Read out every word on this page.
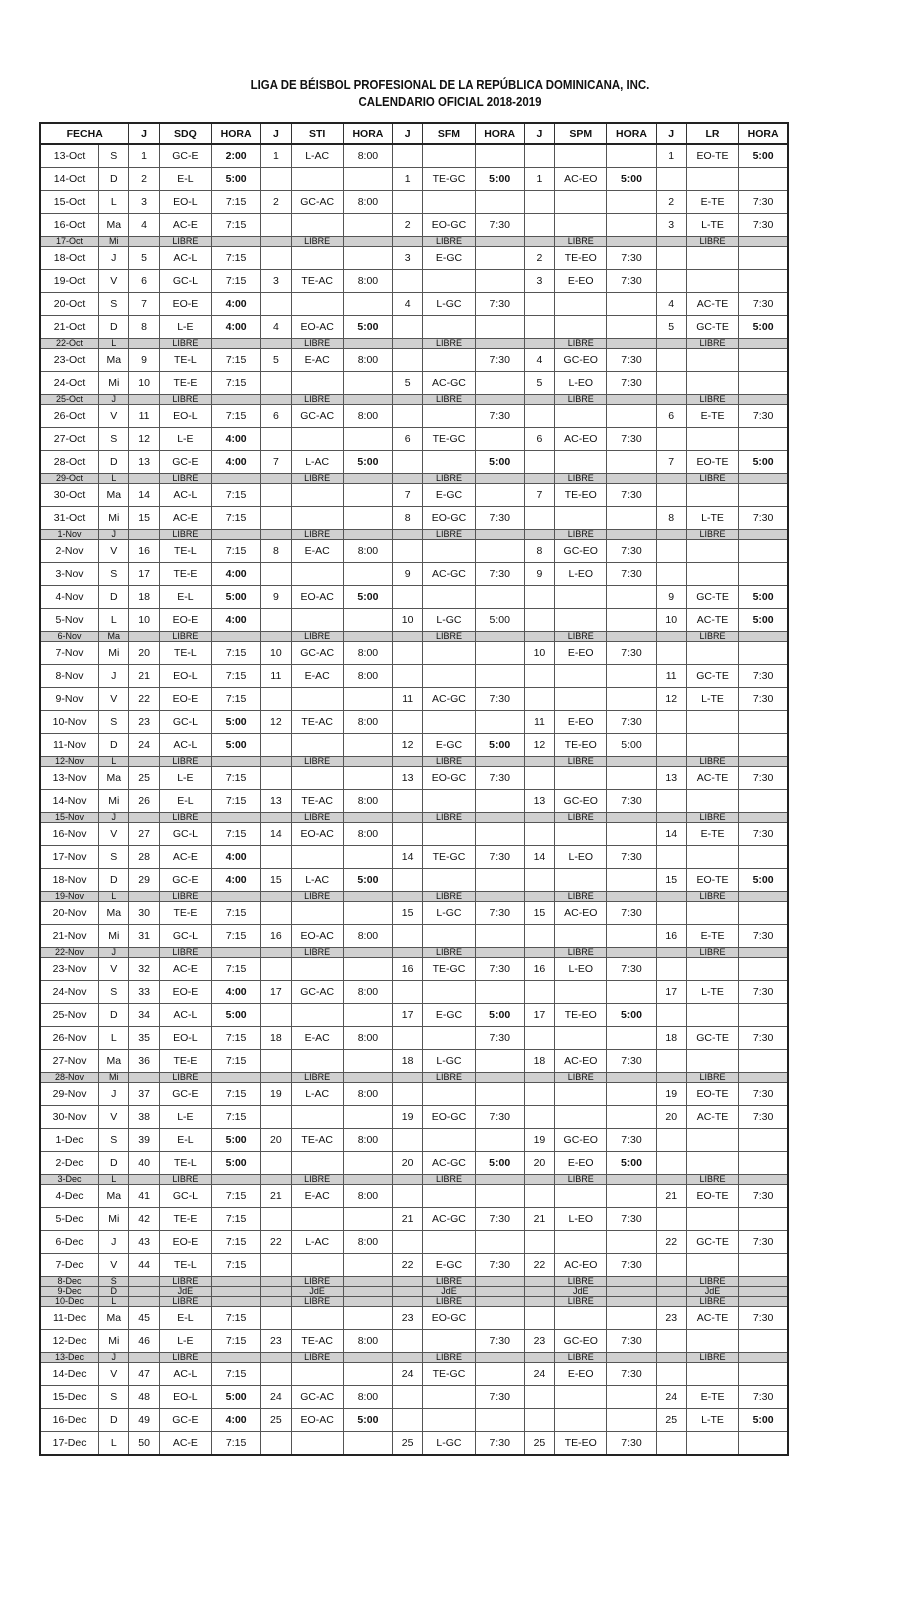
LIGA DE BÉISBOL PROFESIONAL DE LA REPÚBLICA DOMINICANA, INC.
CALENDARIO OFICIAL 2018-2019
FECHA		J	SDQ	HORA	J	STI	HORA	J	SFM	HORA	J	SPM	HORA	J	LR	HORA
13-Oct	S	1	GC-E	2:00	1	L-AC	8:00							1	EO-TE	5:00
14-Oct	D	2	E-L	5:00				1	TE-GC	5:00	1	AC-EO	5:00			
15-Oct	L	3	EO-L	7:15	2	GC-AC	8:00							2	E-TE	7:30
16-Oct	Ma	4	AC-E	7:15				2	EO-GC	7:30				3	L-TE	7:30
17-Oct	Mi		LIBRE			LIBRE			LIBRE			LIBRE			LIBRE	
18-Oct	J	5	AC-L	7:15				3	E-GC		2	TE-EO	7:30			
19-Oct	V	6	GC-L	7:15	3	TE-AC	8:00				3	E-EO	7:30			
20-Oct	S	7	EO-E	4:00				4	L-GC	7:30				4	AC-TE	7:30
21-Oct	D	8	L-E	4:00	4	EO-AC	5:00							5	GC-TE	5:00
22-Oct	L		LIBRE			LIBRE			LIBRE			LIBRE			LIBRE	
23-Oct	Ma	9	TE-L	7:15	5	E-AC	8:00			7:30	4	GC-EO	7:30			
24-Oct	Mi	10	TE-E	7:15				5	AC-GC		5	L-EO	7:30			
25-Oct	J		LIBRE			LIBRE			LIBRE			LIBRE			LIBRE	
26-Oct	V	11	EO-L	7:15	6	GC-AC	8:00			7:30				6	E-TE	7:30
27-Oct	S	12	L-E	4:00				6	TE-GC		6	AC-EO	7:30			
28-Oct	D	13	GC-E	4:00	7	L-AC	5:00			5:00				7	EO-TE	5:00
29-Oct	L		LIBRE			LIBRE			LIBRE			LIBRE			LIBRE	
30-Oct	Ma	14	AC-L	7:15				7	E-GC		7	TE-EO	7:30			
31-Oct	Mi	15	AC-E	7:15				8	EO-GC	7:30				8	L-TE	7:30
1-Nov	J		LIBRE			LIBRE			LIBRE			LIBRE			LIBRE	
2-Nov	V	16	TE-L	7:15	8	E-AC	8:00				8	GC-EO	7:30			
3-Nov	S	17	TE-E	4:00				9	AC-GC	7:30	9	L-EO	7:30			
4-Nov	D	18	E-L	5:00	9	EO-AC	5:00							9	GC-TE	5:00
5-Nov	L	10	EO-E	4:00				10	L-GC	5:00				10	AC-TE	5:00
6-Nov	Ma		LIBRE			LIBRE			LIBRE			LIBRE			LIBRE	
7-Nov	Mi	20	TE-L	7:15	10	GC-AC	8:00				10	E-EO	7:30			
8-Nov	J	21	EO-L	7:15	11	E-AC	8:00							11	GC-TE	7:30
9-Nov	V	22	EO-E	7:15				11	AC-GC	7:30				12	L-TE	7:30
10-Nov	S	23	GC-L	5:00	12	TE-AC	8:00				11	E-EO	7:30			
11-Nov	D	24	AC-L	5:00				12	E-GC	5:00	12	TE-EO	5:00			
12-Nov	L		LIBRE			LIBRE			LIBRE			LIBRE			LIBRE	
13-Nov	Ma	25	L-E	7:15				13	EO-GC	7:30				13	AC-TE	7:30
14-Nov	Mi	26	E-L	7:15	13	TE-AC	8:00				13	GC-EO	7:30			
15-Nov	J		LIBRE			LIBRE			LIBRE			LIBRE			LIBRE	
16-Nov	V	27	GC-L	7:15	14	EO-AC	8:00							14	E-TE	7:30
17-Nov	S	28	AC-E	4:00				14	TE-GC	7:30	14	L-EO	7:30			
18-Nov	D	29	GC-E	4:00	15	L-AC	5:00							15	EO-TE	5:00
19-Nov	L		LIBRE			LIBRE			LIBRE			LIBRE			LIBRE	
20-Nov	Ma	30	TE-E	7:15				15	L-GC	7:30	15	AC-EO	7:30			
21-Nov	Mi	31	GC-L	7:15	16	EO-AC	8:00							16	E-TE	7:30
22-Nov	J		LIBRE			LIBRE			LIBRE			LIBRE			LIBRE	
23-Nov	V	32	AC-E	7:15				16	TE-GC	7:30	16	L-EO	7:30			
24-Nov	S	33	EO-E	4:00	17	GC-AC	8:00							17	L-TE	7:30
25-Nov	D	34	AC-L	5:00				17	E-GC	5:00	17	TE-EO	5:00			
26-Nov	L	35	EO-L	7:15	18	E-AC	8:00			7:30				18	GC-TE	7:30
27-Nov	Ma	36	TE-E	7:15				18	L-GC		18	AC-EO	7:30			
28-Nov	Mi		LIBRE			LIBRE			LIBRE			LIBRE			LIBRE	
29-Nov	J	37	GC-E	7:15	19	L-AC	8:00							19	EO-TE	7:30
30-Nov	V	38	L-E	7:15				19	EO-GC	7:30				20	AC-TE	7:30
1-Dec	S	39	E-L	5:00	20	TE-AC	8:00				19	GC-EO	7:30			
2-Dec	D	40	TE-L	5:00				20	AC-GC	5:00	20	E-EO	5:00			
3-Dec	L		LIBRE			LIBRE			LIBRE			LIBRE			LIBRE	
4-Dec	Ma	41	GC-L	7:15	21	E-AC	8:00							21	EO-TE	7:30
5-Dec	Mi	42	TE-E	7:15				21	AC-GC	7:30	21	L-EO	7:30			
6-Dec	J	43	EO-E	7:15	22	L-AC	8:00							22	GC-TE	7:30
7-Dec	V	44	TE-L	7:15				22	E-GC	7:30	22	AC-EO	7:30			
8-Dec	S		LIBRE			LIBRE			LIBRE			LIBRE			LIBRE	
9-Dec	D		JdE			JdE			JdE			JdE			JdE	
10-Dec	L		LIBRE			LIBRE			LIBRE			LIBRE			LIBRE	
11-Dec	Ma	45	E-L	7:15				23	EO-GC					23	AC-TE	7:30
12-Dec	Mi	46	L-E	7:15	23	TE-AC	8:00			7:30	23	GC-EO	7:30			
13-Dec	J		LIBRE			LIBRE			LIBRE			LIBRE			LIBRE	
14-Dec	V	47	AC-L	7:15				24	TE-GC		24	E-EO	7:30			
15-Dec	S	48	EO-L	5:00	24	GC-AC	8:00			7:30				24	E-TE	7:30
16-Dec	D	49	GC-E	4:00	25	EO-AC	5:00							25	L-TE	5:00
17-Dec	L	50	AC-E	7:15				25	L-GC	7:30	25	TE-EO	7:30			
